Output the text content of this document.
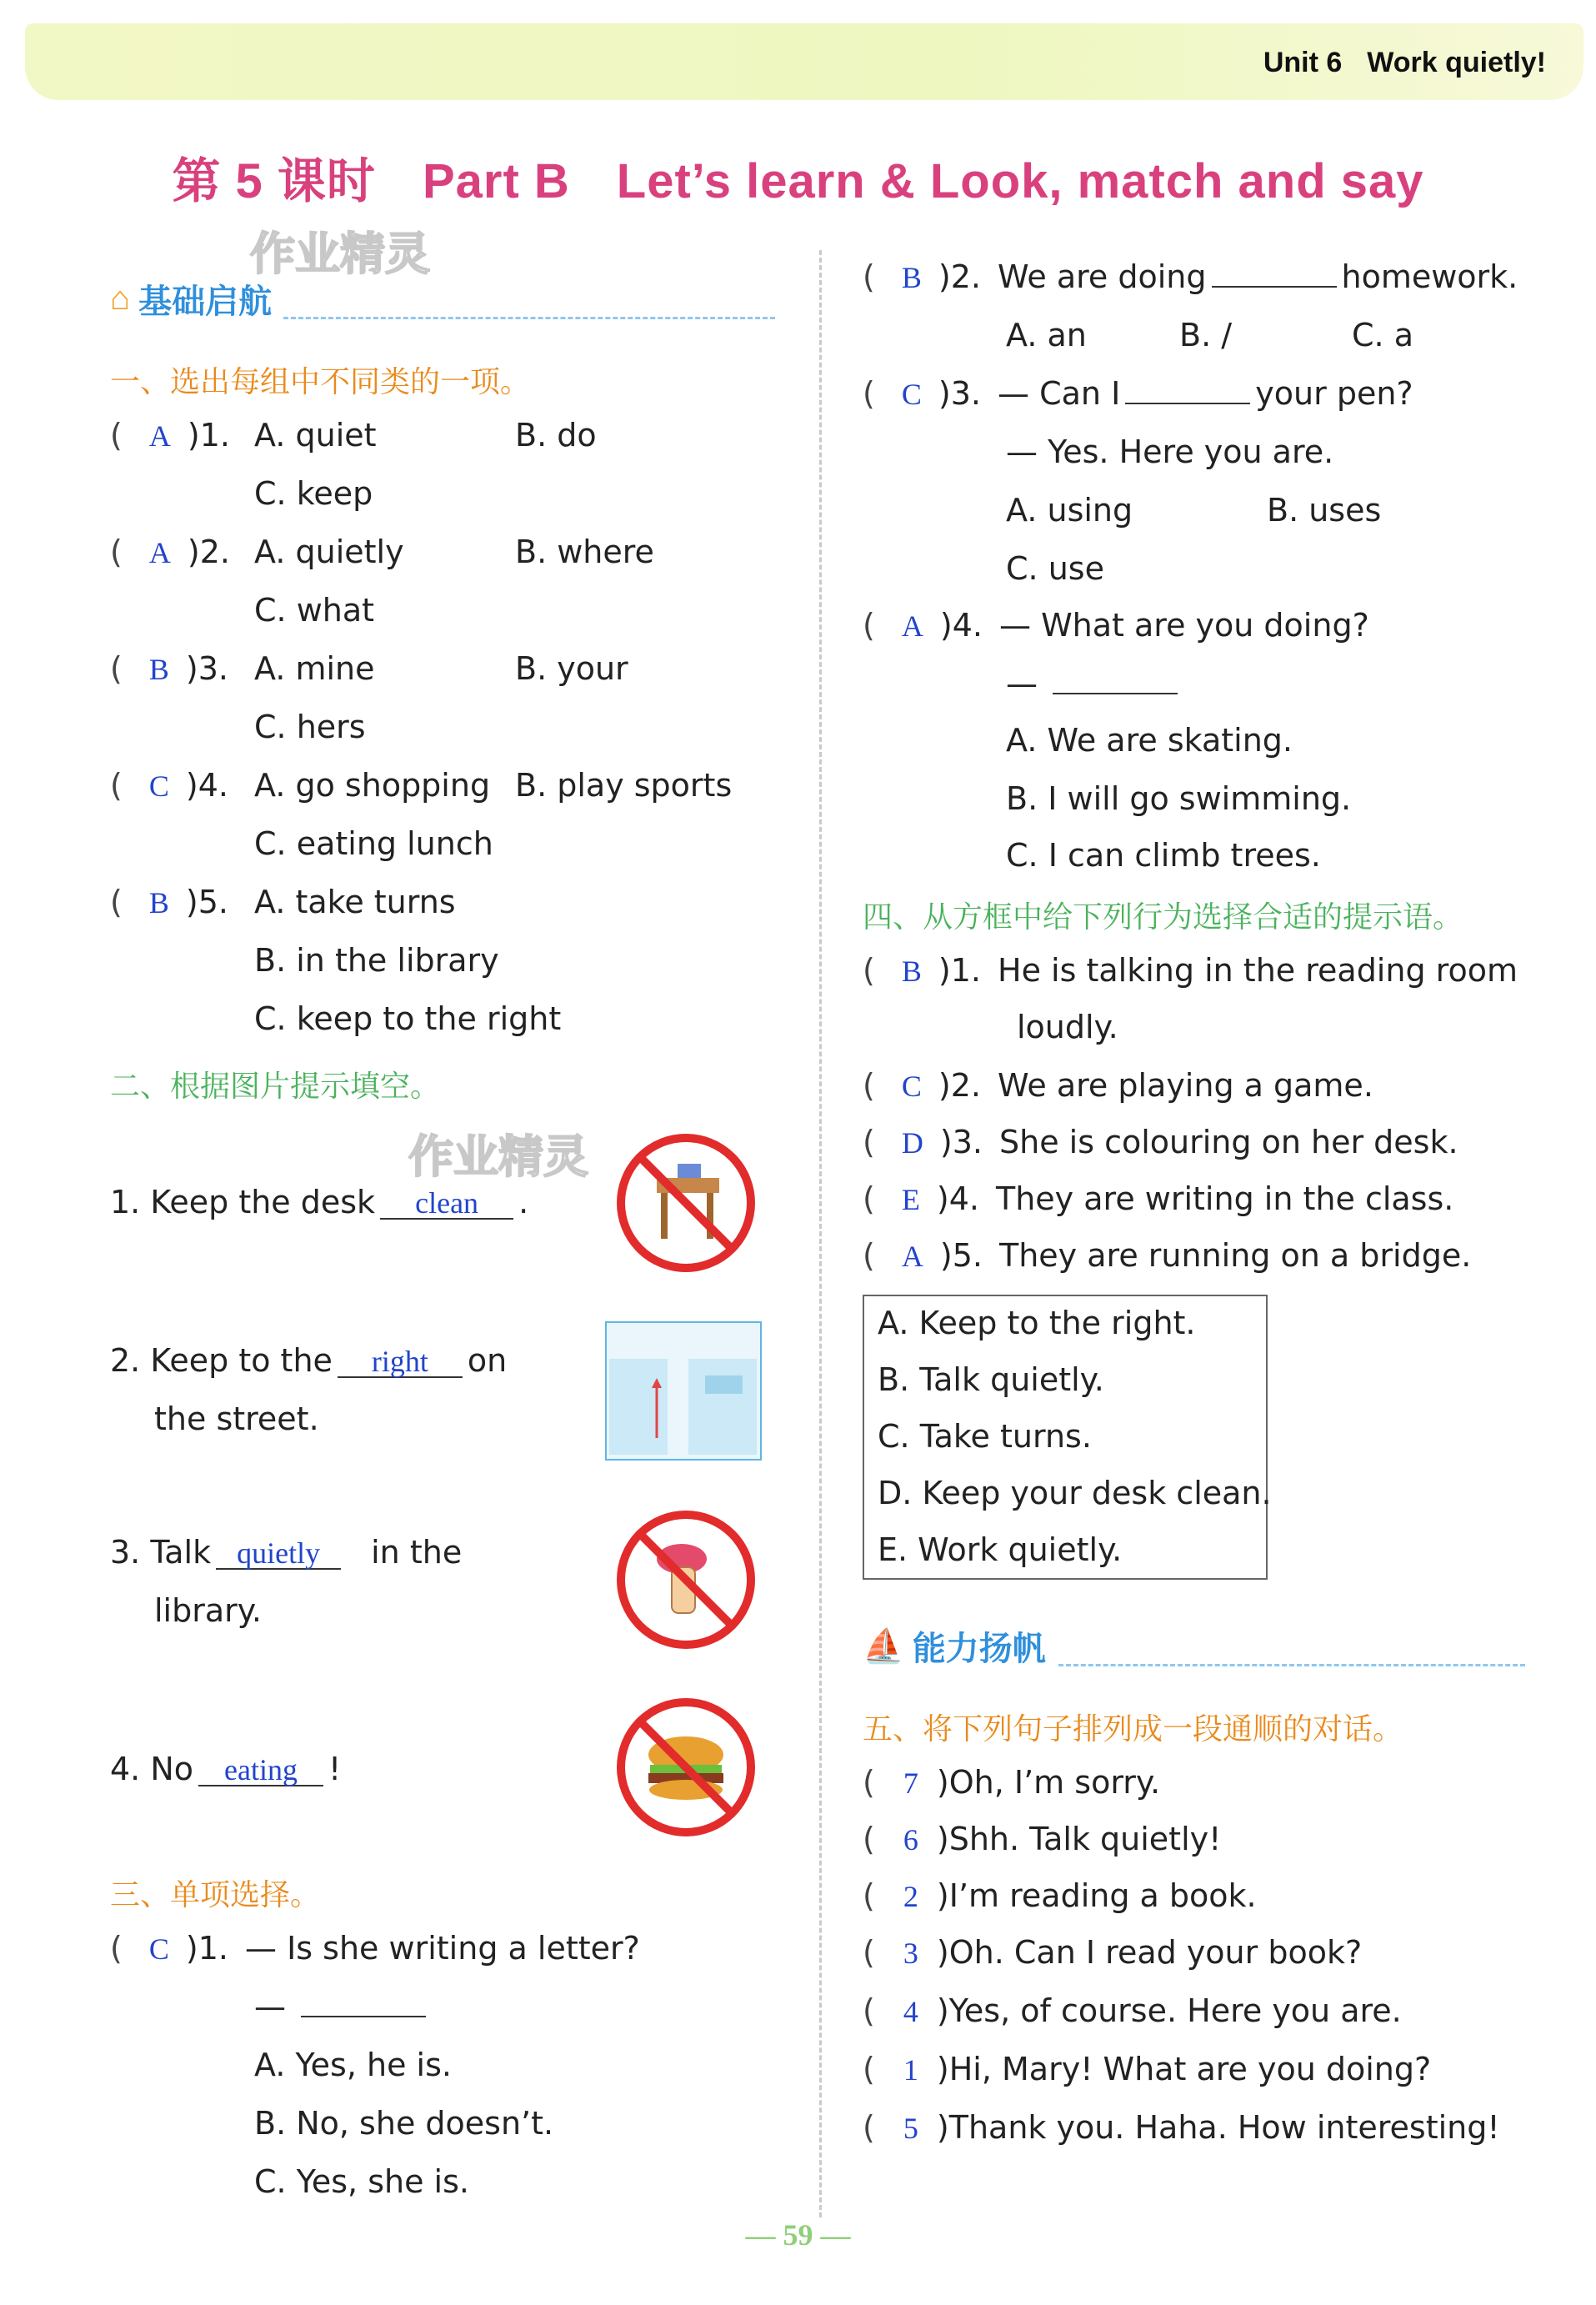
Unit 6 Work quietly!
第 5 课时 Part B Let’s learn & Look, match and say
作业精灵
作业精灵
⌂ 基础启航
一、选出每组中不同类的一项。
( A )1. A. quiet	B. do
C. keep
( A )2. A. quietly	B. where
C. what
( B )3. A. mine	B. your
C. hers
( C )4. A. go shopping B. play sports
C. eating lunch
( B )5. A. take turns
B. in the library
C. keep to the right
二、根据图片提示填空。
1. Keep the desk clean .
2. Keep to the right on
the street.
3. Talk quietly in the
library.
4. No eating !
三、单项选择。
( C )1. — Is she writing a letter?
—
A. Yes, he is.
B. No, she doesn’t.
C. Yes, she is.
( B )2. We are doing	homework.
A. an	B. /	C. a
( C )3. — Can I	your pen?
— Yes. Here you are.
A. using	B. uses
C. use
( A )4. — What are you doing?
—
A. We are skating.
B. I will go swimming.
C. I can climb trees.
四、从方框中给下列行为选择合适的提示语。
( B )1. He is talking in the reading room
loudly.
( C )2. We are playing a game.
( D )3. She is colouring on her desk.
( E )4. They are writing in the class.
( A )5. They are running on a bridge.
A. Keep to the right.
B. Talk quietly.
C. Take turns.
D. Keep your desk clean.
E. Work quietly.
⛵ 能力扬帆
五、将下列句子排列成一段通顺的对话。
( 7 )Oh, I’m sorry.
( 6 )Shh. Talk quietly!
( 2 )I’m reading a book.
( 3 )Oh. Can I read your book?
( 4 )Yes, of course. Here you are.
( 1 )Hi, Mary! What are you doing?
( 5 )Thank you. Haha. How interesting!
— 59 —
